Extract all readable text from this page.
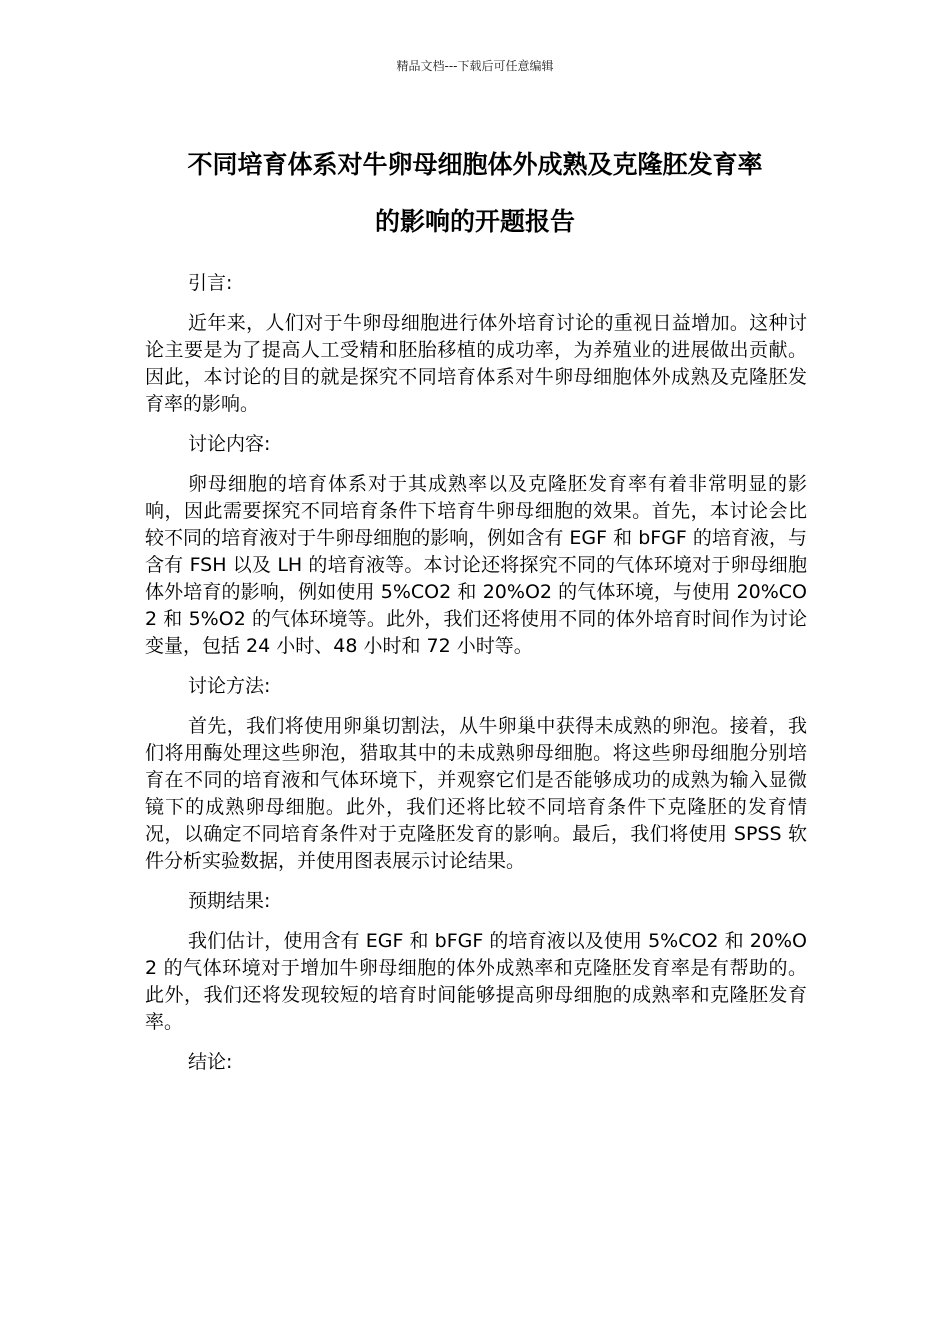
精品文档---下载后可任意编辑
不同培育体系对牛卵母细胞体外成熟及克隆胚发育率
的影响的开题报告

引言:

近年来，人们对于牛卵母细胞进行体外培育讨论的重视日益增加。这种讨论主要是为了提高人工受精和胚胎移植的成功率，为养殖业的进展做出贡献。因此，本讨论的目的就是探究不同培育体系对牛卵母细胞体外成熟及克隆胚发育率的影响。

讨论内容:

卵母细胞的培育体系对于其成熟率以及克隆胚发育率有着非常明显的影响，因此需要探究不同培育条件下培育牛卵母细胞的效果。首先，本讨论会比较不同的培育液对于牛卵母细胞的影响，例如含有 EGF 和 bFGF 的培育液，与含有 FSH 以及 LH 的培育液等。本讨论还将探究不同的气体环境对于卵母细胞体外培育的影响，例如使用 5%CO2 和 20%O2 的气体环境，与使用 20%CO2 和 5%O2 的气体环境等。此外，我们还将使用不同的体外培育时间作为讨论变量，包括 24 小时、48 小时和 72 小时等。

讨论方法:

首先，我们将使用卵巢切割法，从牛卵巢中获得未成熟的卵泡。接着，我们将用酶处理这些卵泡，猎取其中的未成熟卵母细胞。将这些卵母细胞分别培育在不同的培育液和气体环境下，并观察它们是否能够成功的成熟为输入显微镜下的成熟卵母细胞。此外，我们还将比较不同培育条件下克隆胚的发育情况，以确定不同培育条件对于克隆胚发育的影响。最后，我们将使用 SPSS 软件分析实验数据，并使用图表展示讨论结果。

预期结果:

我们估计，使用含有 EGF 和 bFGF 的培育液以及使用 5%CO2 和 20%O2 的气体环境对于增加牛卵母细胞的体外成熟率和克隆胚发育率是有帮助的。此外，我们还将发现较短的培育时间能够提高卵母细胞的成熟率和克隆胚发育率。

结论:
